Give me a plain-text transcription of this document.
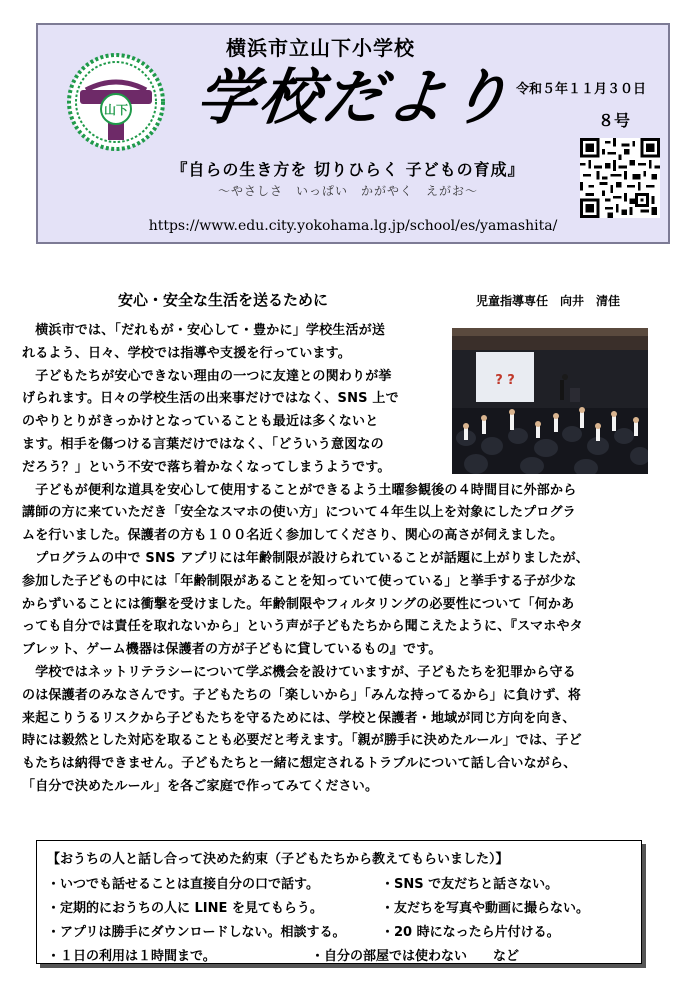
山下
横浜市立山下小学校
学校だより 令和５年１１月３０日
８号
『自らの生き方を 切りひらく 子どもの育成』
～やさしさ　いっぱい　かがやく　えがお～
https://www.edu.city.yokohama.lg.jp/school/es/yamashita/
安心・安全な生活を送るために	児童指導専任　向井　清佳
? ?
　横浜市では、「だれもが・安心して・豊かに」学校生活が送
れるよう、日々、学校では指導や支援を行っています。
　子どもたちが安心できない理由の一つに友達との関わりが挙
げられます。日々の学校生活の出来事だけではなく、SNS 上で
のやりとりがきっかけとなっていることも最近は多くないと
ます。相手を傷つける言葉だけではなく、「どういう意図なの
だろう？」という不安で落ち着かなくなってしまうようです。
　子どもが便利な道具を安心して使用することができるよう土曜参観後の４時間目に外部から
講師の方に来ていただき「安全なスマホの使い方」について４年生以上を対象にしたプログラ
ムを行いました。保護者の方も１００名近く参加してくださり、関心の高さが伺えました。
　プログラムの中で SNS アプリには年齢制限が設けられていることが話題に上がりましたが、
参加した子どもの中には「年齢制限があることを知っていて使っている」と挙手する子が少な
からずいることには衝撃を受けました。年齢制限やフィルタリングの必要性について「何かあ
っても自分では責任を取れないから」という声が子どもたちから聞こえたように、『スマホやタ
ブレット、ゲーム機器は保護者の方が子どもに貸しているもの』です。
　学校ではネットリテラシーについて学ぶ機会を設けていますが、子どもたちを犯罪から守る
のは保護者のみなさんです。子どもたちの「楽しいから」「みんな持ってるから」に負けず、将
来起こりうるリスクから子どもたちを守るためには、学校と保護者・地域が同じ方向を向き、
時には毅然とした対応を取ることも必要だと考えます。「親が勝手に決めたルール」では、子ど
もたちは納得できません。子どもたちと一緒に想定されるトラブルについて話し合いながら、
「自分で決めたルール」を各ご家庭で作ってみてください。
【おうちの人と話し合って決めた約束（子どもたちから教えてもらいました）】
・いつでも話せることは直接自分の口で話す。	・SNS で友だちと話さない。
・定期的におうちの人に LINE を見てもらう。	・友だちを写真や動画に撮らない。
・アプリは勝手にダウンロードしない。相談する。	・20 時になったら片付ける。
・１日の利用は１時間まで。	・自分の部屋では使わない　　など
